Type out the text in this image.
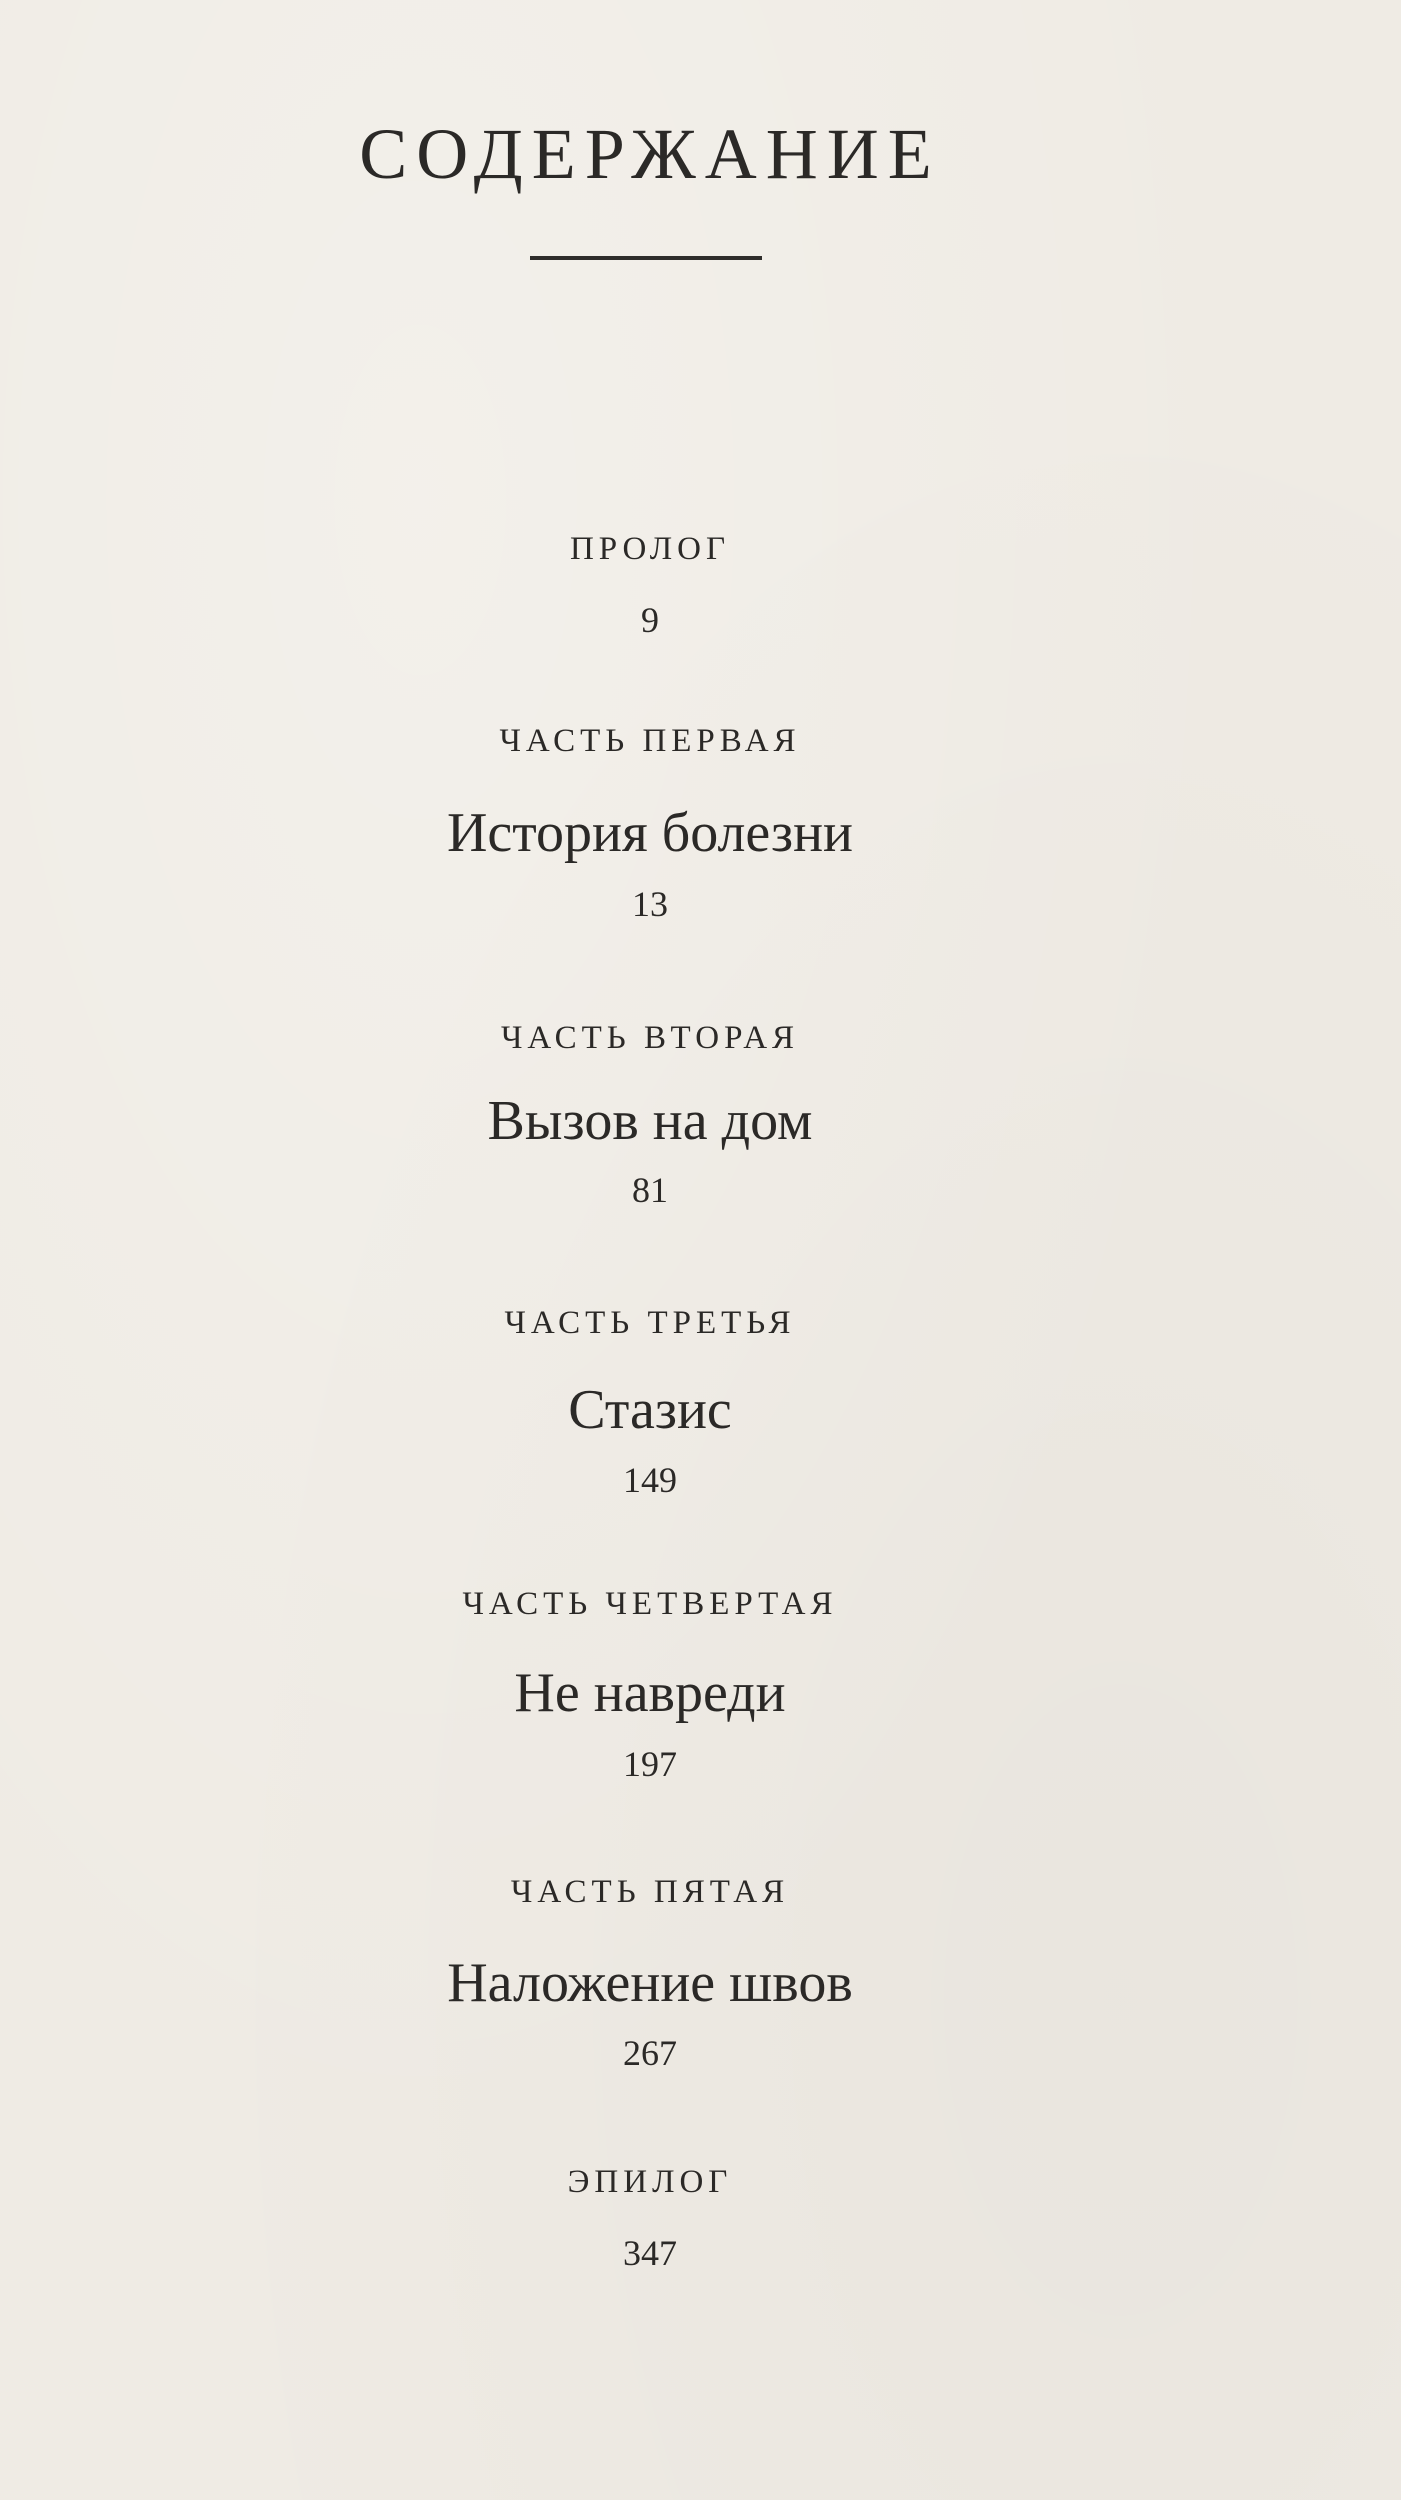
СОДЕРЖАНИЕ
ПРОЛОГ
9
ЧАСТЬ ПЕРВАЯ
История болезни
13
ЧАСТЬ ВТОРАЯ
Вызов на дом
81
ЧАСТЬ ТРЕТЬЯ
Стазис
149
ЧАСТЬ ЧЕТВЕРТАЯ
Не навреди
197
ЧАСТЬ ПЯТАЯ
Наложение швов
267
ЭПИЛОГ
347
